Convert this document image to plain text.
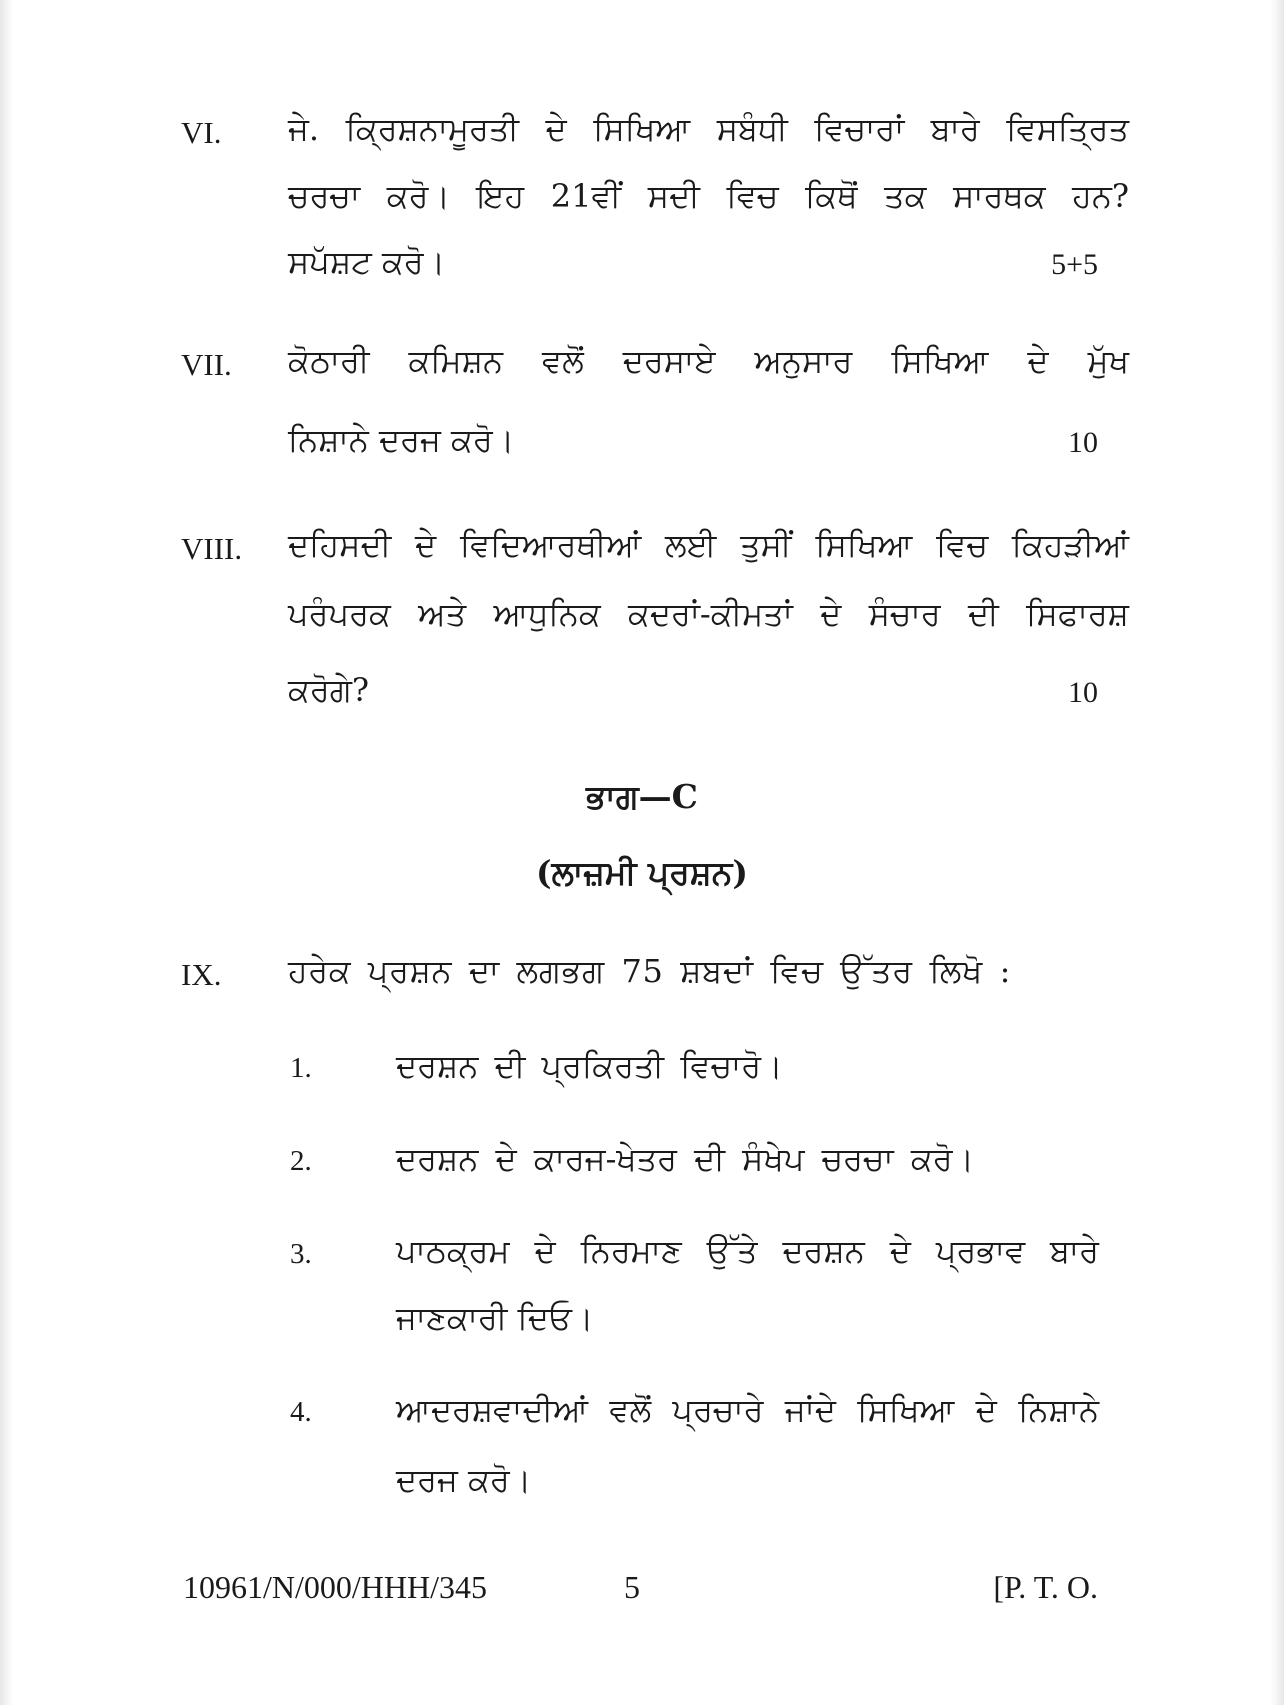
VI. ਜੇ. ਕ੍ਰਿਸ਼ਨਾਮੂਰਤੀ ਦੇ ਸਿਖਿਆ ਸਬੰਧੀ ਵਿਚਾਰਾਂ ਬਾਰੇ ਵਿਸਤ੍ਰਿਤ
ਚਰਚਾ ਕਰੋ। ਇਹ 21ਵੀਂ ਸਦੀ ਵਿਚ ਕਿਥੋਂ ਤਕ ਸਾਰਥਕ ਹਨ?
ਸਪੱਸ਼ਟ ਕਰੋ।	5+5
VII. ਕੋਠਾਰੀ ਕਮਿਸ਼ਨ ਵਲੋਂ ਦਰਸਾਏ ਅਨੁਸਾਰ ਸਿਖਿਆ ਦੇ ਮੁੱਖ
ਨਿਸ਼ਾਨੇ ਦਰਜ ਕਰੋ।	10
VIII. ਦਹਿਸਦੀ ਦੇ ਵਿਦਿਆਰਥੀਆਂ ਲਈ ਤੁਸੀਂ ਸਿਖਿਆ ਵਿਚ ਕਿਹੜੀਆਂ
ਪਰੰਪਰਕ ਅਤੇ ਆਧੁਨਿਕ ਕਦਰਾਂ-ਕੀਮਤਾਂ ਦੇ ਸੰਚਾਰ ਦੀ ਸਿਫਾਰਸ਼
ਕਰੋਗੇ?	10
ਭਾਗ—C
(ਲਾਜ਼ਮੀ ਪ੍ਰਸ਼ਨ)
IX. ਹਰੇਕ ਪ੍ਰਸ਼ਨ ਦਾ ਲਗਭਗ 75 ਸ਼ਬਦਾਂ ਵਿਚ ਉੱਤਰ ਲਿਖੋ :
1.	ਦਰਸ਼ਨ ਦੀ ਪ੍ਰਕਿਰਤੀ ਵਿਚਾਰੋ।
2.	ਦਰਸ਼ਨ ਦੇ ਕਾਰਜ-ਖੇਤਰ ਦੀ ਸੰਖੇਪ ਚਰਚਾ ਕਰੋ।
3.	ਪਾਠਕ੍ਰਮ ਦੇ ਨਿਰਮਾਣ ਉੱਤੇ ਦਰਸ਼ਨ ਦੇ ਪ੍ਰਭਾਵ ਬਾਰੇ
ਜਾਣਕਾਰੀ ਦਿਓ।
4.	ਆਦਰਸ਼ਵਾਦੀਆਂ ਵਲੋਂ ਪ੍ਰਚਾਰੇ ਜਾਂਦੇ ਸਿਖਿਆ ਦੇ ਨਿਸ਼ਾਨੇ
ਦਰਜ ਕਰੋ।
10961/N/000/HHH/345	5	[P. T. O.
